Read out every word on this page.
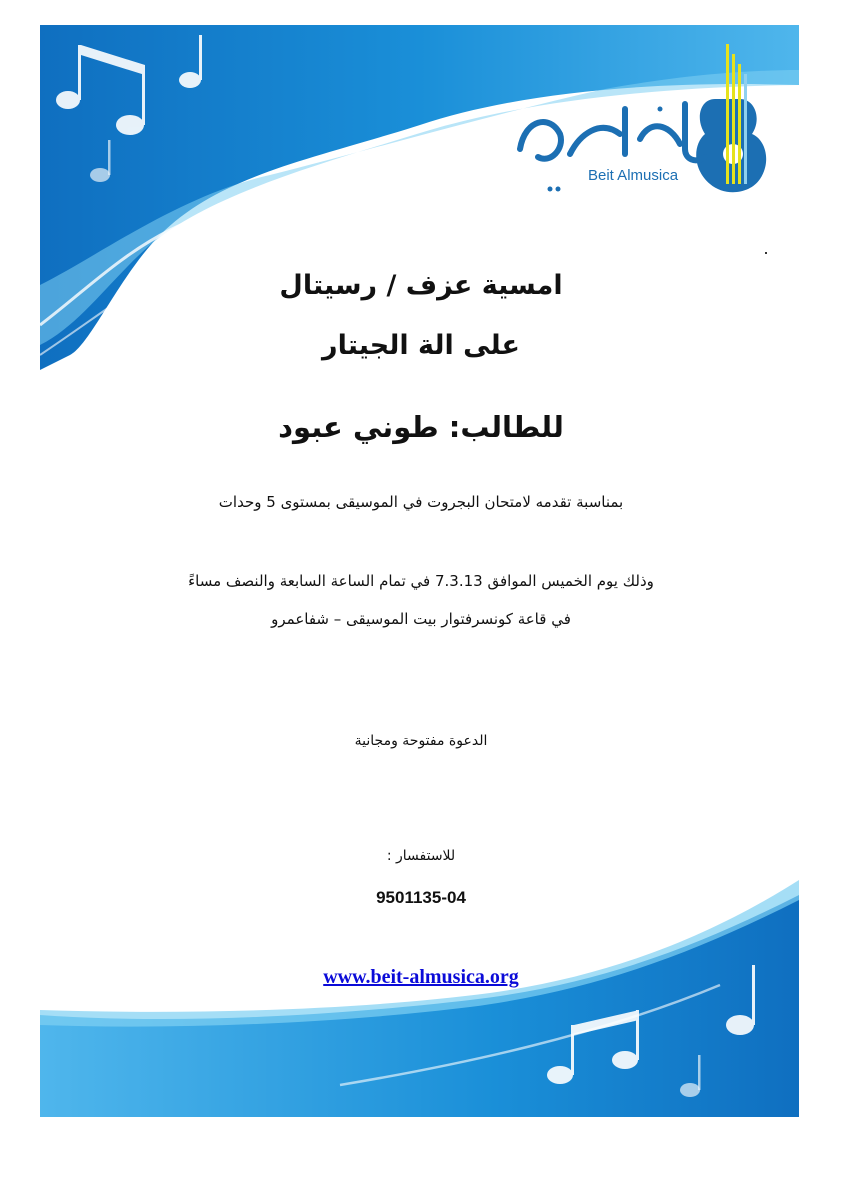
Beit Almusica
امسية عزف / رسيتال
على الة الجيتار
للطالب: طوني عبود
بمناسبة تقدمه لامتحان البجروت في الموسيقى بمستوى 5 وحدات
وذلك يوم الخميس الموافق 7.3.13 في تمام الساعة السابعة والنصف مساءً
في قاعة كونسرفتوار بيت الموسيقى – شفاعمرو
الدعوة مفتوحة ومجانية
للاستفسار :
9501135-04
www.beit-almusica.org
